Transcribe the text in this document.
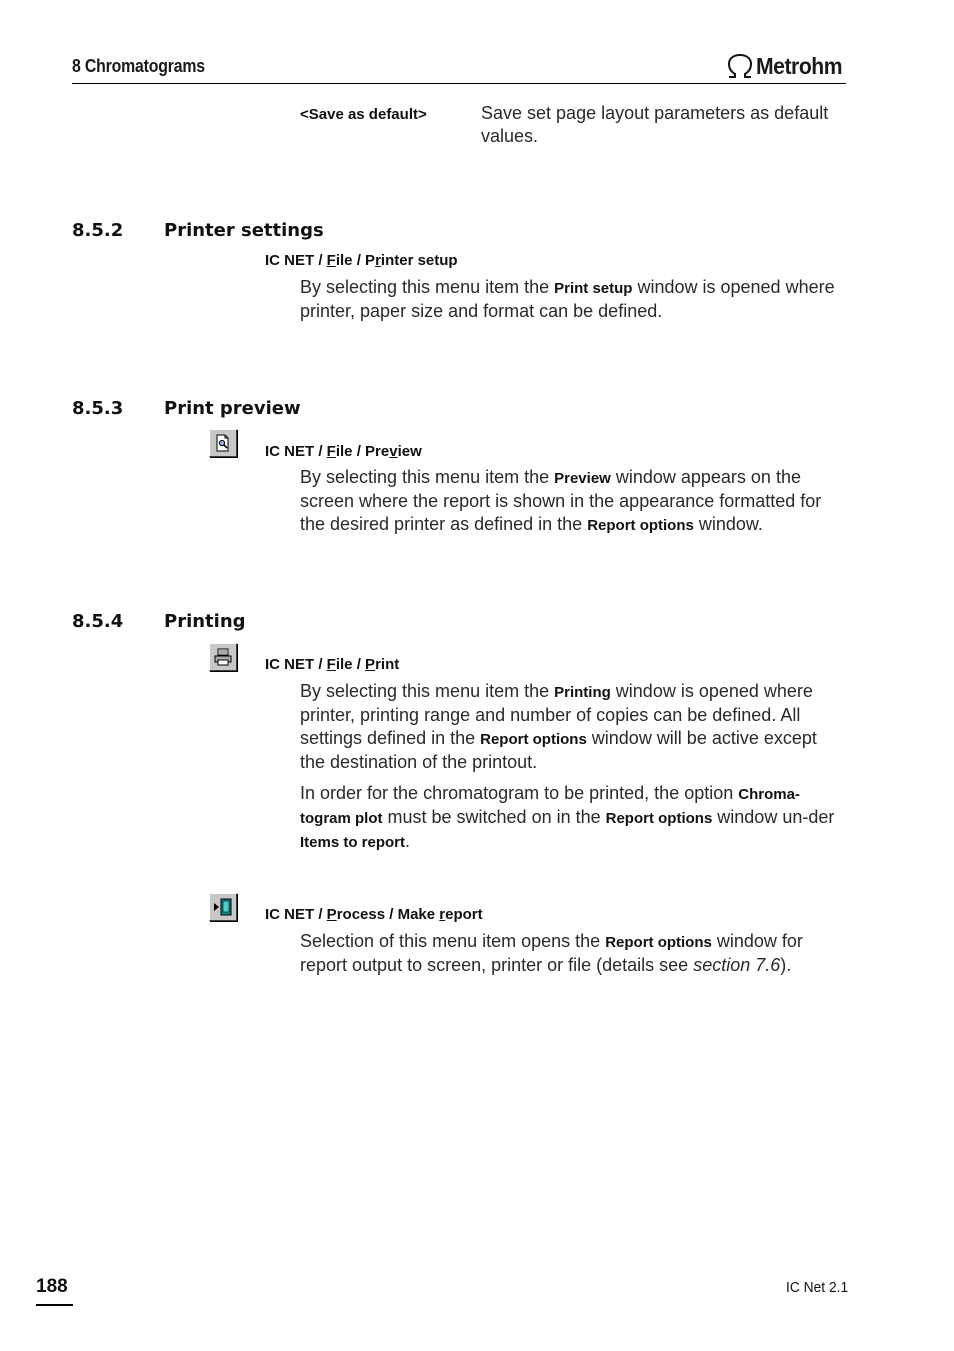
8 Chromatograms	Metrohm
<Save as default>	Save set page layout parameters as default values.
8.5.2 Printer settings
IC NET / File / Printer setup
By selecting this menu item the Print setup window is opened where printer, paper size and format can be defined.
8.5.3 Print preview
IC NET / File / Preview
By selecting this menu item the Preview window appears on the screen where the report is shown in the appearance formatted for the desired printer as defined in the Report options window.
8.5.4 Printing
IC NET / File / Print
By selecting this menu item the Printing window is opened where printer, printing range and number of copies can be defined. All settings defined in the Report options window will be active except the destination of the printout.
In order for the chromatogram to be printed, the option Chroma-togram plot must be switched on in the Report options window un-der Items to report.
IC NET / Process / Make report
Selection of this menu item opens the Report options window for report output to screen, printer or file (details see section 7.6).
188	IC Net 2.1
